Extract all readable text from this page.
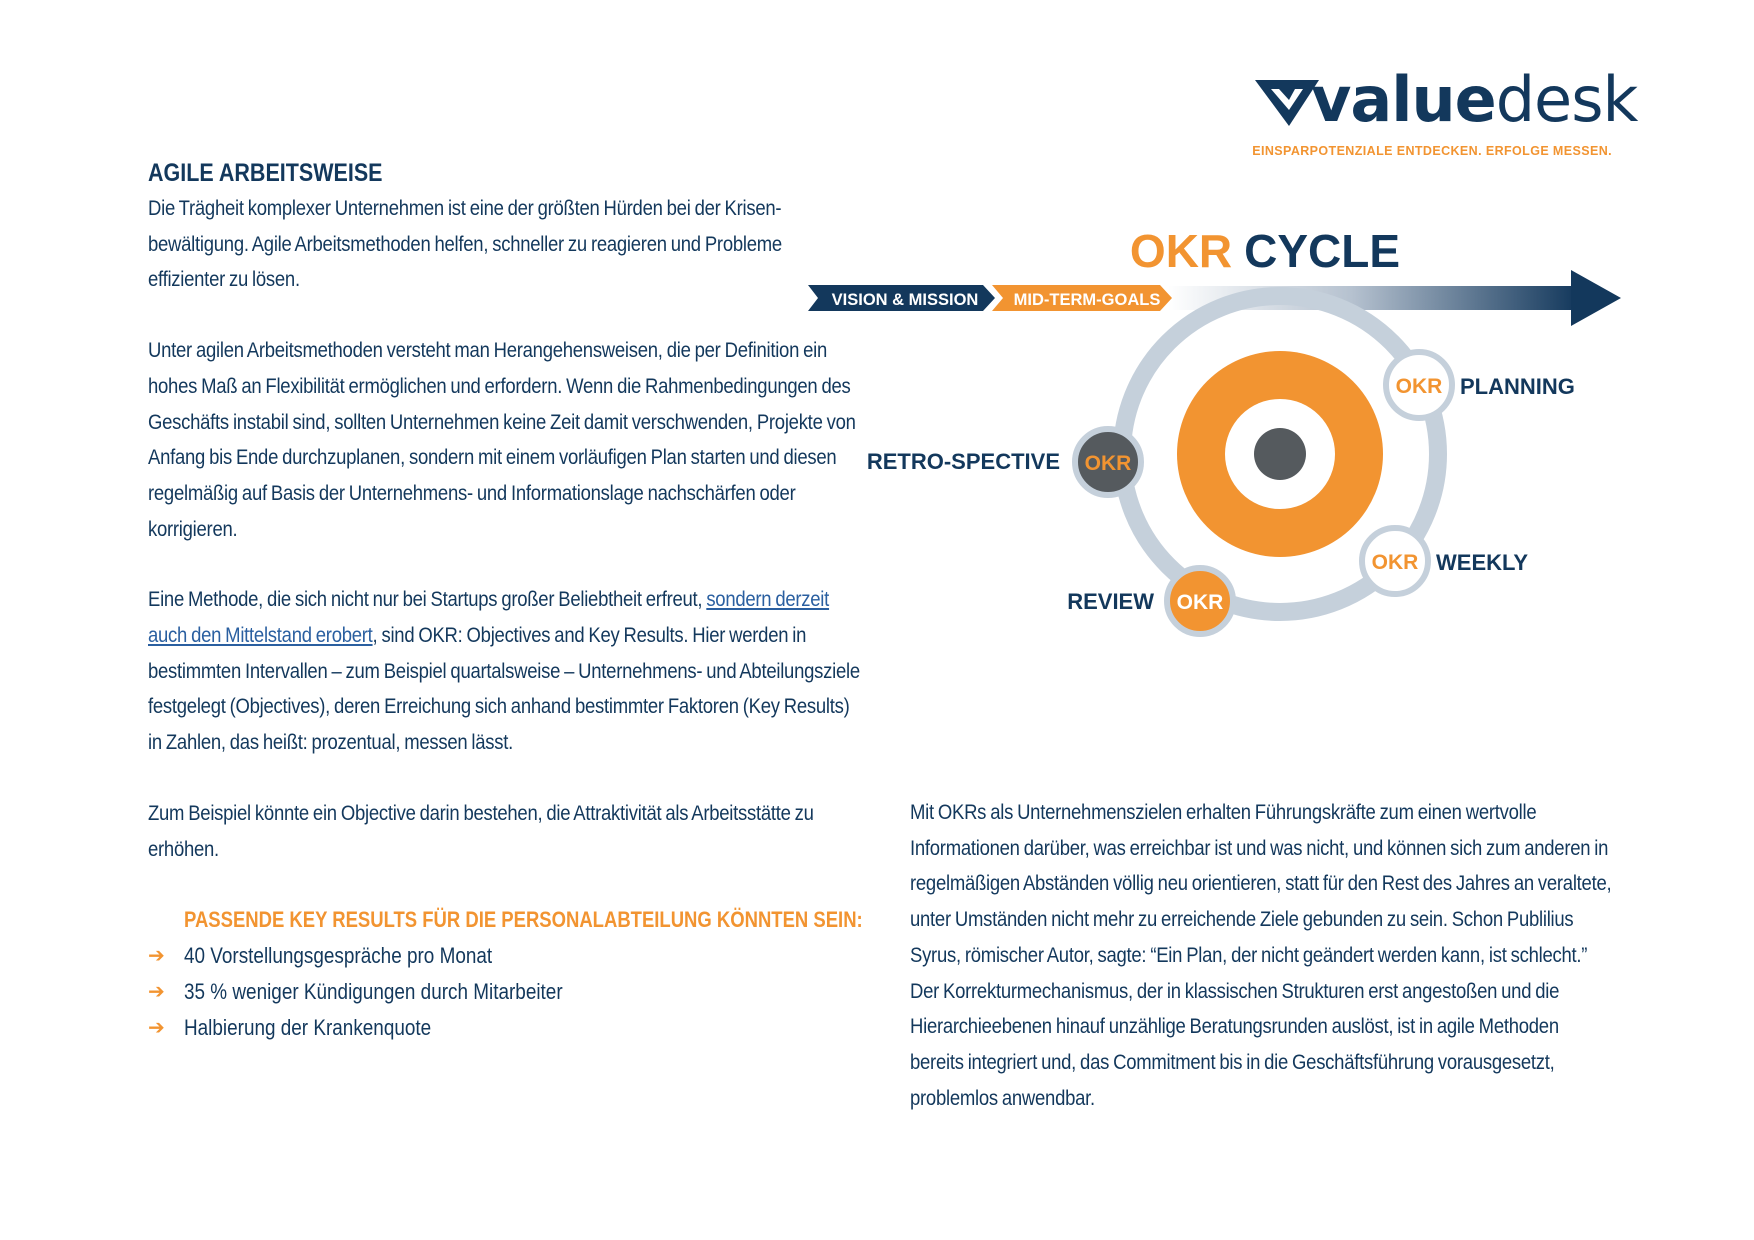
valuedesk
EINSPARPOTENZIALE ENTDECKEN. ERFOLGE MESSEN.
AGILE ARBEITSWEISE

Die Trägheit komplexer Unternehmen ist eine der größten Hürden bei der Krisenbewältigung. Agile Arbeitsmethoden helfen, schneller zu reagieren und Probleme effizienter zu lösen.

Unter agilen Arbeitsmethoden versteht man Herangehensweisen, die per Definition ein hohes Maß an Flexibilität ermöglichen und erfordern. Wenn die Rahmenbedingungen des Geschäfts instabil sind, sollten Unternehmen keine Zeit damit verschwenden, Projekte von Anfang bis Ende durchzuplanen, sondern mit einem vorläufigen Plan starten und diesen regelmäßig auf Basis der Unternehmens- und Informationslage nachschärfen oder korrigieren.

Eine Methode, die sich nicht nur bei Startups großer Beliebtheit erfreut, sondern derzeit auch den Mittelstand erobert, sind OKR: Objectives and Key Results. Hier werden in bestimmten Intervallen – zum Beispiel quartalsweise – Unternehmens- und Abteilungsziele festgelegt (Objectives), deren Erreichung sich anhand bestimmter Faktoren (Key Results) in Zahlen, das heißt: prozentual, messen lässt.

Zum Beispiel könnte ein Objective darin bestehen, die Attraktivität als Arbeitsstätte zu erhöhen.

PASSENDE KEY RESULTS FÜR DIE PERSONALABTEILUNG KÖNNTEN SEIN:
➔ 40 Vorstellungsgespräche pro Monat
➔ 35 % weniger Kündigungen durch Mitarbeiter
➔ Halbierung der Krankenquote
OKR CYCLE
VISION & MISSION MID-TERM-GOALS
OKR PLANNING
OKR
RETRO-SPECTIVE
OKR WEEKLY
OKR
REVIEW

Mit OKRs als Unternehmenszielen erhalten Führungskräfte zum einen wertvolle Informationen darüber, was erreichbar ist und was nicht, und können sich zum anderen in regelmäßigen Abständen völlig neu orientieren, statt für den Rest des Jahres an veraltete, unter Umständen nicht mehr zu erreichende Ziele gebunden zu sein. Schon Publilius Syrus, römischer Autor, sagte: “Ein Plan, der nicht geändert werden kann, ist schlecht.” Der Korrekturmechanismus, der in klassischen Strukturen erst angestoßen und die Hierarchieebenen hinauf unzählige Beratungsrunden auslöst, ist in agile Methoden bereits integriert und, das Commitment bis in die Geschäftsführung vorausgesetzt, problemlos anwendbar.
